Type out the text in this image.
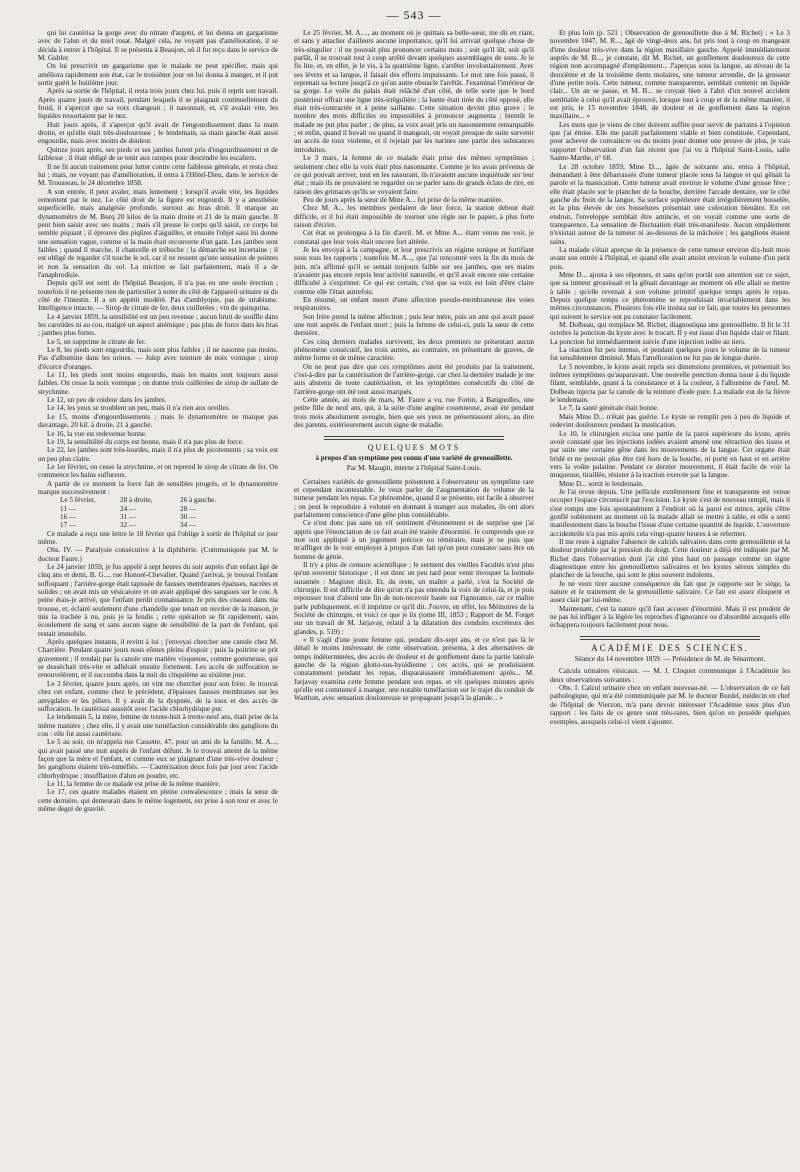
— 543 —

qui lui cautérisa la gorge avec du nitrate d'argent, et lui donna un gargarisme avec de l'alun et du miel rosat. Malgré cela, ne voyant pas d'amélioration, il se décida à entrer à l'hôpital. Il se présenta à Beaujon, où il fut reçu dans le service de M. Gubler.

On lui prescrivit un gargarisme que le malade ne peut spécifier, mais qui améliora rapidement son état, car le troisième jour on lui donna à manger, et il put sortir guéri le huitième jour.

Après sa sortie de l'hôpital, il resta trois jours chez lui, puis il reprit son travail. Après quatre jours de travail, pendant lesquels il se plaignait continuellement du froid, il s'aperçut que sa voix changeait ; il nasonnait, et, s'il avalait vite, les liquides ressortaient par le nez.

Huit jours après, il s'aperçut qu'il avait de l'engourdissement dans la main droite, et qu'elle était très-douloureuse ; le lendemain, sa main gauche était aussi engourdie, mais avec moins de douleur.

Quinze jours après, ses pieds et ses jambes furent pris d'engourdissement et de faiblesse ; il était obligé de se tenir aux rampes pour descendre les escaliers.

Il ne fit aucun traitement pour lutter contre cette faiblesse générale, et resta chez lui ; mais, ne voyant pas d'amélioration, il entra à l'Hôtel-Dieu, dans le service de M. Trousseau, le 24 décembre 1858.

A son entrée, il peut avaler, mais lentement ; lorsqu'il avale vite, les liquides remontent par le nez. Le côté droit de la figure est engourdi. Il y a anesthésie superficielle, mais analgésie profonde, surtout au bras droit. Il marque au dynamomètre de M. Burq 20 kilos de la main droite et 21 de la main gauche. Il peut bien saisir avec ses mains ; mais s'il presse le corps qu'il saisit, ce corps lui semble piquant ; il éprouve des piqûres d'aiguilles, et ensuite l'objet saisi lui donne une sensation vague, comme si la main était recouverte d'un gant. Les jambes sont faibles ; quand il marche, il chancelle et trébuche ; la démarche est incertaine ; il est obligé de regarder s'il touche le sol, car il ne ressent qu'une sensation de pointes et non la sensation du sol. La miction se fait parfaitement, mais il a de l'anaphrodisie.

Depuis qu'il est sorti de l'hôpital Beaujon, il n'a pas eu une seule érection ; toutefois il ne présente rien de particulier à noter du côté de l'appareil urinaire ni du côté de l'intestin. Il a un appétit modéré. Pas d'amblyopie, pas de strabisme. Intelligence intacte. — Sirop de citrate de fer, deux cuillerées ; vin de quinquina.

Le 4 janvier 1859, la sensibilité est un peu revenue ; aucun bruit de souffle dans les carotides ni au cou, malgré un aspect anémique ; pas plus de force dans les bras ; jambes plus fortes.

Le 5, on supprime le citrate de fer.

Le 8, les pieds sont engourdis, mais sont plus faibles ; il ne nasonne pas moins. Pas d'albumine dans les urines. — Julep avec teinture de noix vomique ; sirop d'écorce d'oranges.

Le 11, les pieds sont moins engourdis, mais les mains sont toujours aussi faibles. On cesse la noix vomique ; on donne trois cuillerées de sirop de sulfate de strychnine.

Le 12, un peu de roideur dans les jambes.

Le 14, les yeux se troublent un peu, mais il n'a rien aux oreilles.

Le 15, moins d'engourdissements ; mais le dynamomètre ne marque pas davantage, 20 kil. à droite, 21 à gauche.

Le 16, la vue est redevenue bonne.

Le 19, la sensibilité du corps est bonne, mais il n'a pas plus de force.

Le 22, les jambes sont très-lourdes, mais il n'a plus de picotements ; sa voix est un peu plus claire.

Le 1er février, on cesse la strychnine, et on reprend le sirop de citrate de fer. On commence les bains sulfureux.

A partir de ce moment la force fait de sensibles progrès, et le dynamomètre marque successivement :

Le 5 février,	28 à droite,	26 à gauche.
11 —	24 —	28 —
16 —	31 —	30 —
17 —	32 —	34 —

Ce malade a reçu une lettre le 18 février qui l'oblige à sortir de l'hôpital ce jour même.

Obs. IV. — Paralysie consécutive à la diphthérie. (Communiquée par M. le docteur Faure.)

Le 24 janvier 1859, je fus appelé à sept heures du soir auprès d'un enfant âgé de cinq ans et demi, B. G..., rue Honoré-Chevalier. Quand j'arrivai, je trouvai l'enfant suffoquant ; l'arrière-gorge était tapissée de fausses membranes épaisses, nacrées et solides ; on avait mis un vésicatoire et on avait appliqué des sangsues sur le cou. A peine étais-je arrivé, que l'enfant perdit connaissance. Je pris des ciseaux dans ma trousse, et, éclairé seulement d'une chandelle que tenait un ouvrier de la maison, je mis la trachée à nu, puis je la fendis ; cette opération se fit rapidement, sans écoulement de sang et sans aucun signe de sensibilité de la part de l'enfant, qui restait immobile.

Après quelques instants, il revint à lui ; j'envoyai chercher une canule chez M. Charrière. Pendant quatre jours nous eûmes pleins d'espoir ; puis la poitrine se prit gravement ; il rendait par la canule une matière visqueuse, comme gommeuse, qui se desséchait très-vite et adhérait ensuite fortement. Les accès de suffocation se renouvelèrent, et il succomba dans la nuit du cinquième au sixième jour.

Le 3 février, quatre jours après, on vint me chercher pour son frère. Je trouvai chez cet enfant, comme chez le précédent, d'épaisses fausses membranes sur les amygdales et les piliers. Il y avait de la dyspnée, de la toux et des accès de suffocation. Je cautérisai aussitôt avec l'acide chlorhydrique pur.

Le lendemain 5, la mère, femme de trente-huit à trente-neuf ans, était prise de la même manière ; chez elle, il y avait une tuméfaction considérable des ganglions du cou : elle fut aussi cautérisée.

Le 5 au soir, on m'appela rue Cassette, 47, pour un ami de la famille, M. A..., qui avait passé une nuit auprès de l'enfant défunt. Je le trouvai atteint de la même façon que la mère et l'enfant, et comme eux se plaignant d'une très-vive douleur ; les ganglions étaient très-tuméfiés. — Cautérisation deux fois par jour avec l'acide chlorhydrique ; insufflation d'alun en poudre, etc.

Le 11, la femme de ce malade est prise de la même manière.

Le 17, ces quatre malades étaient en pleine convalescence ; mais la sœur de cette dernière, qui demeurait dans le même logement, est prise à son tour et avec le même degré de gravité.

Le 25 février, M. A...., au moment où je quittais sa belle-sœur, me dit en riant, et sans y attacher d'ailleurs aucune importance, qu'il lui arrivait quelque chose de très-singulier : il ne pouvait plus prononcer certains mots ; soit qu'il lût, soit qu'il parlât, il se trouvait tout à coup arrêté devant quelques assemblages de sons. Je le fis lire, et, en effet, je le vis, à la quatrième ligne, s'arrêter involontairement. Avec ses lèvres et sa langue, il faisait des efforts impuissants. Le mot une fois passé, il reprenait sa lecture jusqu'à ce qu'un autre obstacle l'arrêtât. J'examinai l'intérieur de sa gorge. Le voile du palais était relâché d'un côté, de telle sorte que le bord postérieur offrait une ligne très-irrégulière ; la luette était tirée du côté opposé, elle était très-contractée et à peine saillante. Cette situation devint plus grave ; le nombre des mots difficiles ou impossibles à prononcer augmenta ; bientôt le malade ne put plus parler ; de plus, sa voix avait pris un nasonnement remarquable ; et enfin, quand il buvait ou quand il mangeait, on voyait presque de suite survenir un accès de toux violente, et il rejetait par les narines une partie des substances introduites.

Le 3 mars, la femme de ce malade était prise des mêmes symptômes ; seulement chez elle la voix était plus nasonnante. Comme je les avais prévenus de ce qui pouvait arriver, tout en les rassurant, ils n'avaient aucune inquiétude sur leur état ; mais ils ne pouvaient se regarder ou se parler sans de grands éclats de rire, en raison des grimaces qu'ils se voyaient faire.

Peu de jours après la sœur de Mme A... fut prise de la même manière.

Chez M. A... les membres perdaient de leur force, la station debout était difficile, et il lui était impossible de tourner une règle sur le papier, à plus forte raison d'écrire.

Cet état se prolongea à la fin d'avril. M. et Mme A... étant venus me voir, je constatai que leur voix était encore fort altérée.

Je les envoyai à la campagne, et leur prescrivis un régime tonique et fortifiant sous tous les rapports ; toutefois M. A..., que j'ai rencontré vers la fin du mois de juin, m'a affirmé qu'il se sentait toujours faible sur ses jambes, que ses mains n'avaient pas encore repris leur activité naturelle, et qu'il avait encore une certaine difficulté à s'exprimer. Ce qui est certain, c'est que sa voix est loin d'être claire comme elle l'était autrefois.

En résumé, un enfant meurt d'une affection pseudo-membraneuse des voies respiratoires.

Son frère prend la même affection ; puis leur mère, puis un ami qui avait passé une nuit auprès de l'enfant mort ; puis la femme de celui-ci, puis la sœur de cette dernière.

Ces cinq derniers malades survivent, les deux premiers ne présentant aucun phénomène consécutif, les trois autres, au contraire, en présentant de graves, de même forme et de même caractère.

On ne peut pas dire que ces symptômes aient été produits par la traitement, c'est-à-dire par la cautérisation de l'arrière-gorge, car chez la dernière malade je me suis abstenu de toute cautérisation, et les symptômes consécutifs du côté de l'arrière-gorge ont été tout aussi marqués.

Cette année, au mois de mars, M. Faure a vu, rue Fortin, à Batignolles, une petite fille de neuf ans, qui, à la suite d'une angine couenneuse, avait été pendant trois mois absolument aveugle, bien que ses yeux ne présentassent alors, au dire des parents, extérieurement aucun signe de maladie.

QUELQUES MOTS
à propos d'un symptôme peu connu d'une variété de grenouillette.
Par M. Maugin, interne à l'hôpital Saint-Louis.

Certaines variétés de grenouillette présentent à l'observateur un symptôme rare et cependant incontestable. Je veux parler de l'augmentation de volume de la tumeur pendant les repas. Ce phénomène, quand il se présente, est facile à observer ; on peut le reproduire à volonté en donnant à manger aux malades, ils ont alors parfaitement conscience d'une gêne plus considérable.

Ce n'est donc pas sans un vif sentiment d'étonnement et de surprise que j'ai appris que l'énonciation de ce fait avait été traitée d'énormité. Je comprends que ce mot soit appliqué à un jugement précoce ou téméraire, mais je ne puis que m'affliger de le voir employer à propos d'un fait qu'on peut constater sans être un homme de génie.

Il n'y a plus de censure scientifique ; le serment des vieilles Facultés n'est plus qu'un souvenir historique ; il est donc un peu tard pour venir invoquer la formule surannée : Magister dixit. Et, du reste, un maître a parlé, c'est la Société de chirurgie. Il est difficile de dire qu'on n'a pas entendu la voix de celui-là, et je puis repousser tout d'abord une fin de non-recevoir basée sur l'ignorance, car ce maître parle publiquement, et il imprime ce qu'il dit. J'ouvre, en effet, les Mémoires de la Société de chirurgie, et voici ce que je lis (tome III, 1853 ; Rapport de M. Forget sur un travail de M. Jarjavay, relatif à la dilatation des conduits excréteurs des glandes, p. 519) :

« Il s'agit d'une jeune femme qui, pendant dix-sept ans, et ce n'est pas là le détail le moins intéressant de cette observation, présenta, à des alternatives de temps indéterminées, des accès de douleur et de gonflement dans la partie latérale gauche de la région glotto-sus-hyoïdienne ; ces accès, qui se produisaient constamment pendant les repas, disparaissaient immédiatement après... M. Jarjavay examina cette femme pendant son repas, et vit quelques minutes après qu'elle eut commencé à manger, une notable tuméfaction sur le trajet du conduit de Warthon, avec sensation douloureuse se propageant jusqu'à la glande... »

Et plus loin (p. 521 ; Observation de grenouillette due à M. Richet) : « Le 3 novembre 1847, M. R..., âgé de vingt-deux ans, fut pris tout à coup en mangeant d'une douleur très-vive dans la région maxillaire gauche. Appelé immédiatement auprès de M. B..., je constate, dit M. Richet, un gonflement douloureux de cette région non accompagné d'empâtement... J'aperçus sous la langue, au niveau de la deuxième et de la troisième dents molaires, une tumeur arrondie, de la grosseur d'une petite noix. Cette tumeur, comme transparente, semblait contenir un liquide clair... Un an se passe, et M. B... se croyait bien à l'abri d'un nouvel accident semblable à celui qu'il avait éprouvé, lorsque tout à coup et de la même manière, il est pris, le 15 novembre 1848, de douleur et de gonflement dans la région maxillaire... »

Les mots que je viens de citer doivent suffire pour servir de parrains à l'opinion que j'ai émise. Elle me paraît parfaitement viable et bien constituée. Cependant, pour achever de convaincre ou du moins pour donner une preuve de plus, je vais rapporter l'observation d'un fait récent que j'ai vu à l'hôpital Saint-Louis, salle Sainte-Marthe, n° 68.

Le 28 octobre 1859, Mme D..., âgée de soixante ans, entra à l'hôpital, demandant à être débarrassée d'une tumeur placée sous la langue et qui gênait la parole et la mastication. Cette tumeur avait environ le volume d'une grosse fève ; elle était placée sur le plancher de la bouche, derrière l'arcade dentaire, sur le côté gauche du frein de la langue. Sa surface supérieure était irrégulièrement bosselée, et la plus élevée de ces bosselures présentait une coloration bleuâtre. En cet endroit, l'enveloppe semblait être amincie, et on voyait comme une sorte de transparence. La sensation de fluctuation était très-manifeste. Aucun empâtement n'existait autour de la tumeur ni au-dessous de la mâchoire ; les ganglions étaient sains.

La malade s'était aperçue de la présence de cette tumeur environ dix-huit mois avant son entrée à l'hôpital, et quand elle avait atteint environ le volume d'un petit pois.

Mme D... ajouta à ses réponses, et sans qu'on portât son attention sur ce sujet, que sa tumeur grossissait et la gênait davantage au moment où elle allait se mettre à table ; qu'elle revenait à son volume primitif quelque temps après le repas. Depuis quelque temps ce phénomène se reproduisait invariablement dans les mêmes circonstances. Plusieurs fois elle insista sur ce fait, que toutes les personnes qui suivent le service ont pu constater facilement.

M. Dolbeau, qui remplace M. Richet, diagnostiqua une grenouillette. Il fit le 31 octobre la ponction du kyste avec le trocart. Il y eut issue d'un liquide clair et filant. La ponction fut immédiatement suivie d'une injection iodée au tiers.

La réaction fut peu intense, et pendant quelques jours le volume de la tumeur fut sensiblement diminué. Mais l'amélioration ne fut pas de longue durée.

Le 5 novembre, le kyste avait repris ses dimensions premières, et présentait les mêmes symptômes qu'auparavant. Une nouvelle ponction donna issue à du liquide filant, semblable, quant à la consistance et à la couleur, à l'albumine de l'œuf. M. Dolbeau injecta par la canule de la teinture d'iode pure. La malade eut de la fièvre le lendemain.

Le 7, la santé générale était bonne.

Mais Mme D... n'était pas guérie. Le kyste se remplit peu à peu de liquide et redevint douloureux pendant la mastication.

Le 10, le chirurgien excisa une partie de la paroi supérieure du kyste, après avoir constaté que les injections iodées avaient amené une rétraction des tissus et par suite une certaine gêne dans les mouvements de la langue. Cet organe était bridé et ne pouvait plus être tiré hors de la bouche, ni porté en haut et en arrière vers la voûte palatine. Pendant ce dernier mouvement, il était facile de voir la muqueuse, tiraillée, résister à la traction exercée par la langue.

Mme D... sortit le lendemain.

Je l'ai revue depuis. Une pellicule extrêmement fine et transparente est venue occuper l'espace circonscrit par l'excision. Le kyste s'est de nouveau rempli, mais il s'est rompu une fois spontanément à l'endroit où la paroi est mince, après s'être gonflé subitement au moment où la malade allait se mettre à table, et elle a senti manifestement dans la bouche l'issue d'une certaine quantité de liquide. L'ouverture accidentelle n'a pas mis après cela vingt-quatre heures à se refermer.

Il me reste à signaler l'absence de calculs salivaires dans cette grenouillette et la douleur produite par la pression du doigt. Cette douleur a déjà été indiquée par M. Richet dans l'observation dont j'ai cité plus haut un passage comme un signe diagnostique entre les grenouillettes salivaires et les kystes séreux simples du plancher de la bouche, qui sont le plus souvent indolents.

Je ne veux tirer aucune conséquence du fait que je rapporte sur le siège, la nature et le traitement de la grenouillette salivaire. Ce fait est assez éloquent et assez clair par lui-même.

Maintenant, c'est la nature qu'il faut accuser d'énormité. Mais il est prudent de ne pas lui infliger à la légère les reproches d'ignorance ou d'absurdité auxquels elle échappera toujours facilement pour nous.

ACADÉMIE DES SCIENCES.
Séance du 14 novembre 1859. — Présidence de M. de Sénarmont.

Calculs urinaires vésicaux. — M. J. Cloquet communique à l'Académie les deux observations suivantes :

Obs. I. Calcul urinaire chez un enfant nouveau-né. — L'observation de ce fait pathologique, qui m'a été communiquée par M. le docteur Burdel, médecin en chef de l'hôpital de Vierzon, m'a paru devoir intéresser l'Académie sous plus d'un rapport : les faits de ce genre sont très-rares, bien qu'on en possède quelques exemples, auxquels celui-ci vient s'ajouter.
